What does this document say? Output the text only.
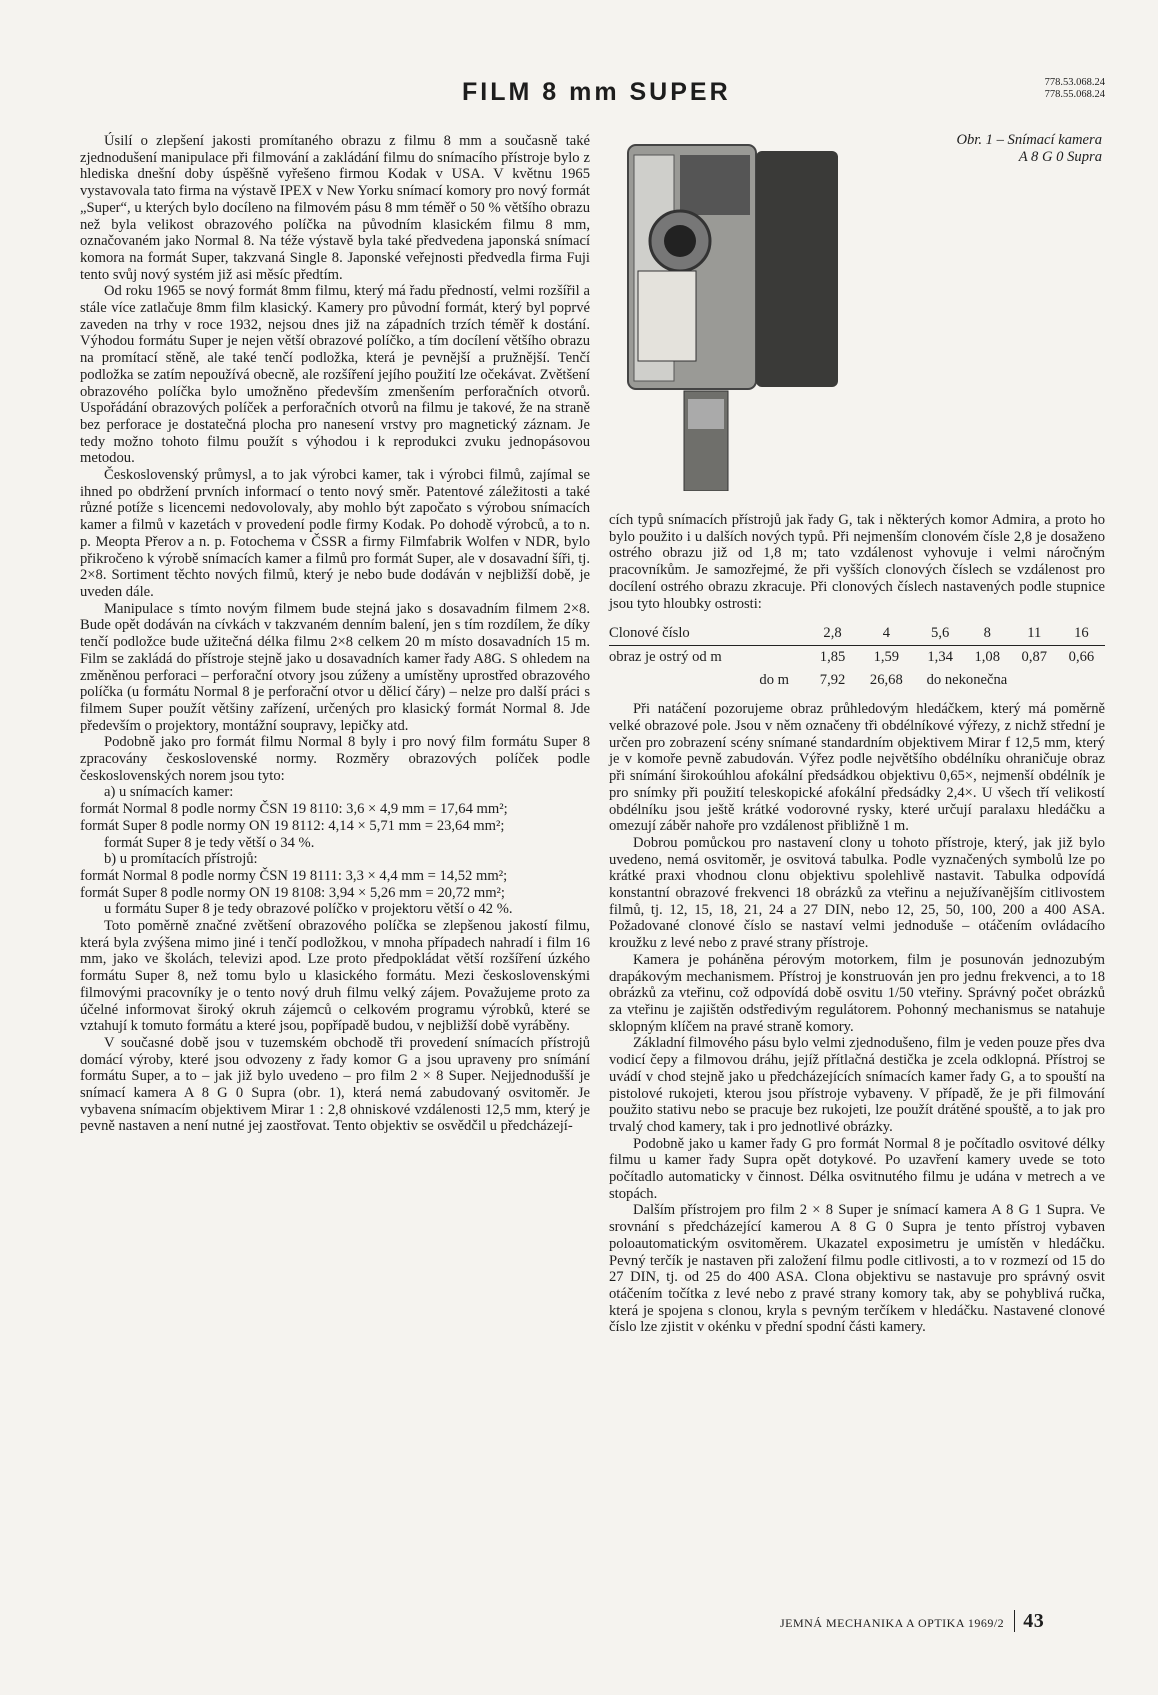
FILM 8 mm SUPER	778.53.068.24
778.55.068.24

Úsilí o zlepšení jakosti promítaného obrazu z filmu 8 mm a současně také zjednodušení manipulace při filmování a zakládání filmu do snímacího přístroje bylo z hlediska dnešní doby úspěšně vyřešeno firmou Kodak v USA. V květnu 1965 vystavovala tato firma na výstavě IPEX v New Yorku snímací komory pro nový formát „Super“, u kterých bylo docíleno na filmovém pásu 8 mm téměř o 50 % většího obrazu než byla velikost obrazového políčka na původním klasickém filmu 8 mm, označovaném jako Normal 8. Na téže výstavě byla také předvedena japonská snímací komora na formát Super, takzvaná Single 8. Japonské veřejnosti předvedla firma Fuji tento svůj nový systém již asi měsíc předtím.

Od roku 1965 se nový formát 8mm filmu, který má řadu předností, velmi rozšířil a stále více zatlačuje 8mm film klasický. Kamery pro původní formát, který byl poprvé zaveden na trhy v roce 1932, nejsou dnes již na západních trzích téměř k dostání. Výhodou formátu Super je nejen větší obrazové políčko, a tím docílení většího obrazu na promítací stěně, ale také tenčí podložka, která je pevnější a pružnější. Tenčí podložka se zatím nepoužívá obecně, ale rozšíření jejího použití lze očekávat. Zvětšení obrazového políčka bylo umožněno především zmenšením perforačních otvorů. Uspořádání obrazových políček a perforačních otvorů na filmu je takové, že na straně bez perforace je dostatečná plocha pro nanesení vrstvy pro magnetický záznam. Je tedy možno tohoto filmu použít s výhodou i k reprodukci zvuku jednopásovou metodou.

Československý průmysl, a to jak výrobci kamer, tak i výrobci filmů, zajímal se ihned po obdržení prvních informací o tento nový směr. Patentové záležitosti a také různé potíže s licencemi nedovolovaly, aby mohlo být započato s výrobou snímacích kamer a filmů v kazetách v provedení podle firmy Kodak. Po dohodě výrobců, a to n. p. Meopta Přerov a n. p. Fotochema v ČSSR a firmy Filmfabrik Wolfen v NDR, bylo přikročeno k výrobě snímacích kamer a filmů pro formát Super, ale v dosavadní šíři, tj. 2×8. Sortiment těchto nových filmů, který je nebo bude dodáván v nejbližší době, je uveden dále.

Manipulace s tímto novým filmem bude stejná jako s dosavadním filmem 2×8. Bude opět dodáván na cívkách v takzvaném denním balení, jen s tím rozdílem, že díky tenčí podložce bude užitečná délka filmu 2×8 celkem 20 m místo dosavadních 15 m. Film se zakládá do přístroje stejně jako u dosavadních kamer řady A8G. S ohledem na změněnou perforaci – perforační otvory jsou zúženy a umístěny uprostřed obrazového políčka (u formátu Normal 8 je perforační otvor u dělicí čáry) – nelze pro další práci s filmem Super použít většiny zařízení, určených pro klasický formát Normal 8. Jde především o projektory, montážní soupravy, lepičky atd.

Podobně jako pro formát filmu Normal 8 byly i pro nový film formátu Super 8 zpracovány československé normy. Rozměry obrazových políček podle československých norem jsou tyto:

a) u snímacích kamer:

formát Normal 8 podle normy ČSN 19 8110: 3,6 × 4,9 mm = 17,64 mm²;

formát Super 8 podle normy ON 19 8112: 4,14 × 5,71 mm = 23,64 mm²;

formát Super 8 je tedy větší o 34 %.

b) u promítacích přístrojů:

formát Normal 8 podle normy ČSN 19 8111: 3,3 × 4,4 mm = 14,52 mm²;

formát Super 8 podle normy ON 19 8108: 3,94 × 5,26 mm = 20,72 mm²;

u formátu Super 8 je tedy obrazové políčko v projektoru větší o 42 %.

Toto poměrně značné zvětšení obrazového políčka se zlepšenou jakostí filmu, která byla zvýšena mimo jiné i tenčí podložkou, v mnoha případech nahradí i film 16 mm, jako ve školách, televizi apod. Lze proto předpokládat větší rozšíření úzkého formátu Super 8, než tomu bylo u klasického formátu. Mezi československými filmovými pracovníky je o tento nový druh filmu velký zájem. Považujeme proto za účelné informovat široký okruh zájemců o celkovém programu výrobků, které se vztahují k tomuto formátu a které jsou, popřípadě budou, v nejbližší době vyráběny.

V současné době jsou v tuzemském obchodě tři provedení snímacích přístrojů domácí výroby, které jsou odvozeny z řady komor G a jsou upraveny pro snímání formátu Super, a to – jak již bylo uvedeno – pro film 2 × 8 Super. Nejjednodušší je snímací kamera A 8 G 0 Supra (obr. 1), která nemá zabudovaný osvitoměr. Je vybavena snímacím objektivem Mirar 1 : 2,8 ohniskové vzdálenosti 12,5 mm, který je pevně nastaven a není nutné jej zaostřovat. Tento objektiv se osvědčil u předcházejí-

Obr. 1 – Snímací kamera
A 8 G 0 Supra

cích typů snímacích přístrojů jak řady G, tak i některých komor Admira, a proto ho bylo použito i u dalších nových typů. Při nejmenším clonovém čísle 2,8 je dosaženo ostrého obrazu již od 1,8 m; tato vzdálenost vyhovuje i velmi náročným pracovníkům. Je samozřejmé, že při vyšších clonových číslech se vzdálenost pro docílení ostrého obrazu zkracuje. Při clonových číslech nastavených podle stupnice jsou tyto hloubky ostrosti:

Clonové číslo	2,8	4	5,6	8	11	16
obraz je ostrý od m	1,85	1,59	1,34	1,08	0,87	0,66
do m	7,92	26,68	do nekonečna			

Při natáčení pozorujeme obraz průhledovým hledáčkem, který má poměrně velké obrazové pole. Jsou v něm označeny tři obdélníkové výřezy, z nichž střední je určen pro zobrazení scény snímané standardním objektivem Mirar f 12,5 mm, který je v komoře pevně zabudován. Výřez podle největšího obdélníku ohraničuje obraz při snímání širokoúhlou afokální předsádkou objektivu 0,65×, nejmenší obdélník je pro snímky při použití teleskopické afokální předsádky 2,4×. U všech tří velikostí obdélníku jsou ještě krátké vodorovné rysky, které určují paralaxu hledáčku a omezují záběr nahoře pro vzdálenost přibližně 1 m.

Dobrou pomůckou pro nastavení clony u tohoto přístroje, který, jak již bylo uvedeno, nemá osvitoměr, je osvitová tabulka. Podle vyznačených symbolů lze po krátké praxi vhodnou clonu objektivu spolehlivě nastavit. Tabulka odpovídá konstantní obrazové frekvenci 18 obrázků za vteřinu a nejužívanějším citlivostem filmů, tj. 12, 15, 18, 21, 24 a 27 DIN, nebo 12, 25, 50, 100, 200 a 400 ASA. Požadované clonové číslo se nastaví velmi jednoduše – otáčením ovládacího kroužku z levé nebo z pravé strany přístroje.

Kamera je poháněna pérovým motorkem, film je posunován jednozubým drapákovým mechanismem. Přístroj je konstruován jen pro jednu frekvenci, a to 18 obrázků za vteřinu, což odpovídá době osvitu 1/50 vteřiny. Správný počet obrázků za vteřinu je zajištěn odstředivým regulátorem. Pohonný mechanismus se natahuje sklopným klíčem na pravé straně komory.

Základní filmového pásu bylo velmi zjednodušeno, film je veden pouze přes dva vodicí čepy a filmovou dráhu, jejíž přítlačná destička je zcela odklopná. Přístroj se uvádí v chod stejně jako u předcházejících snímacích kamer řady G, a to spouští na pistolové rukojeti, kterou jsou přístroje vybaveny. V případě, že je při filmování použito stativu nebo se pracuje bez rukojeti, lze použít drátěné spouště, a to jak pro trvalý chod kamery, tak i pro jednotlivé obrázky.

Podobně jako u kamer řady G pro formát Normal 8 je počítadlo osvitové délky filmu u kamer řady Supra opět dotykové. Po uzavření kamery uvede se toto počítadlo automaticky v činnost. Délka osvitnutého filmu je udána v metrech a ve stopách.

Dalším přístrojem pro film 2 × 8 Super je snímací kamera A 8 G 1 Supra. Ve srovnání s předcházející kamerou A 8 G 0 Supra je tento přístroj vybaven poloautomatickým osvitoměrem. Ukazatel exposimetru je umístěn v hledáčku. Pevný terčík je nastaven při založení filmu podle citlivosti, a to v rozmezí od 15 do 27 DIN, tj. od 25 do 400 ASA. Clona objektivu se nastavuje pro správný osvit otáčením točítka z levé nebo z pravé strany komory tak, aby se pohyblivá ručka, která je spojena s clonou, kryla s pevným terčíkem v hledáčku. Nastavené clonové číslo lze zjistit v okénku v přední spodní části kamery.

JEMNÁ MECHANIKA A OPTIKA 1969/2 43
